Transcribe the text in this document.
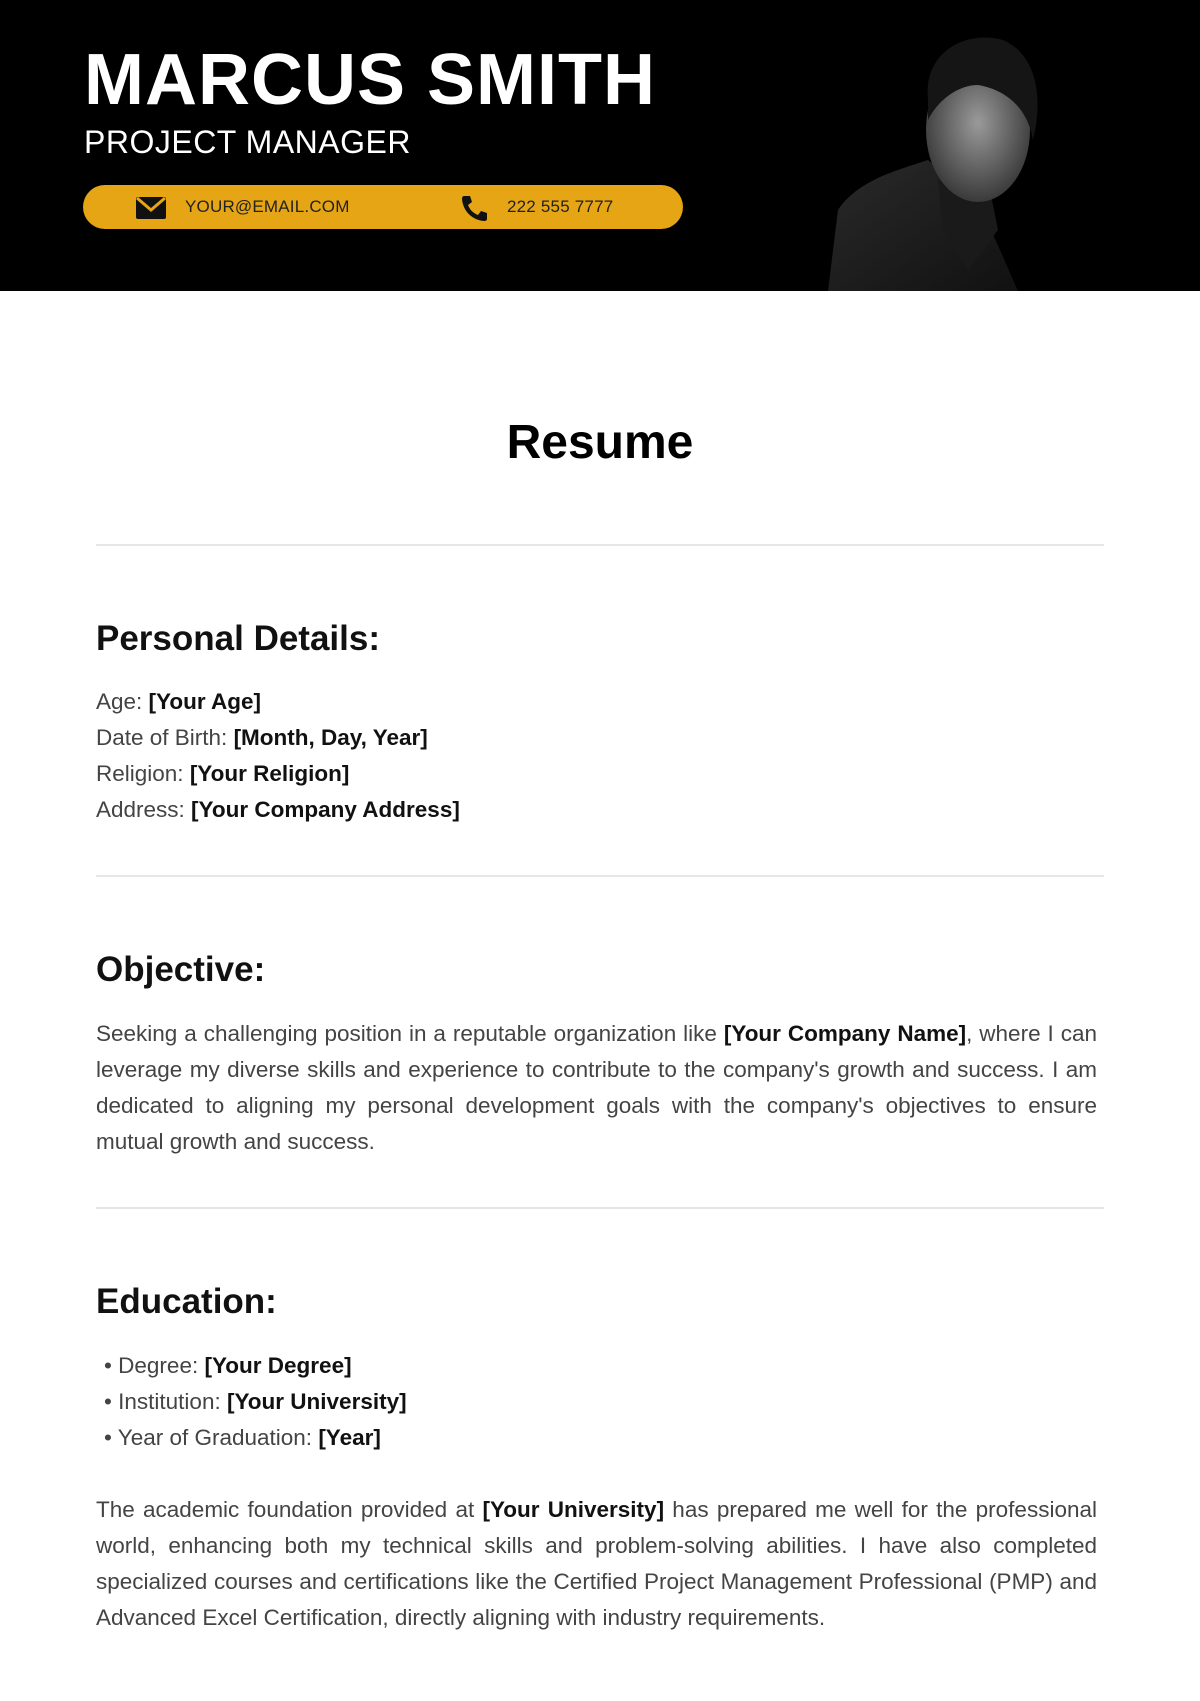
MARCUS SMITH
PROJECT MANAGER
YOUR@EMAIL.COM	222 555 7777
Resume
Personal Details:
Age: [Your Age]
Date of Birth: [Month, Day, Year]
Religion: [Your Religion]
Address: [Your Company Address]
Objective:
Seeking a challenging position in a reputable organization like [Your Company Name], where I can leverage my diverse skills and experience to contribute to the company's growth and success. I am dedicated to aligning my personal development goals with the company's objectives to ensure mutual growth and success.
Education:
• Degree: [Your Degree]
• Institution: [Your University]
• Year of Graduation: [Year]
The academic foundation provided at [Your University] has prepared me well for the professional world, enhancing both my technical skills and problem-solving abilities. I have also completed specialized courses and certifications like the Certified Project Management Professional (PMP) and Advanced Excel Certification, directly aligning with industry requirements.
